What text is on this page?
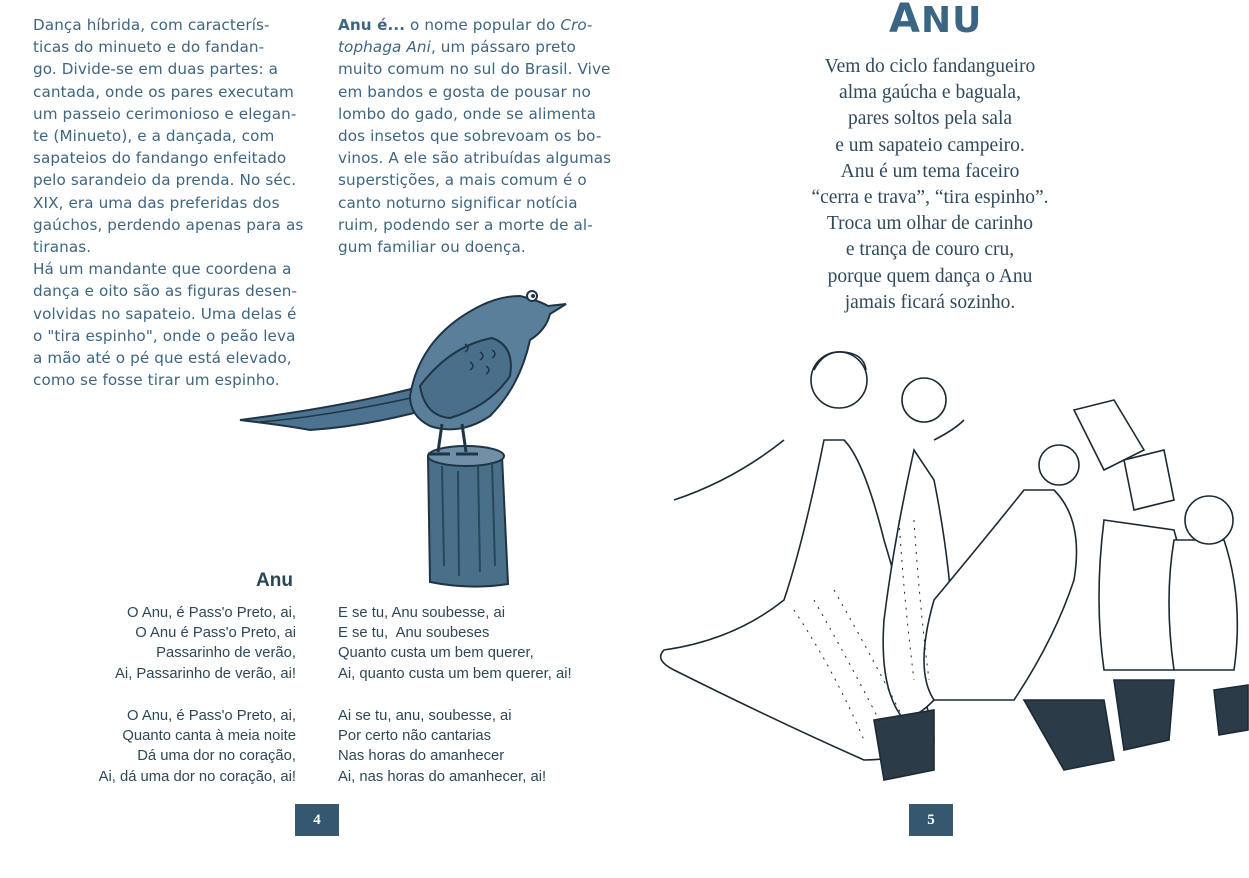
Dança híbrida, com caracterís-
ticas do minueto e do fandan-
go. Divide-se em duas partes: a
cantada, onde os pares executam
um passeio cerimonioso e elegan-
te (Minueto), e a dançada, com
sapateios do fandango enfeitado
pelo sarandeio da prenda. No séc.
XIX, era uma das preferidas dos
gaúchos, perdendo apenas para as
tiranas.
Há um mandante que coordena a
dança e oito são as figuras desen-
volvidas no sapateio. Uma delas é
o "tira espinho", onde o peão leva
a mão até o pé que está elevado,
como se fosse tirar um espinho.
Anu é... o nome popular do Cro-
tophaga Ani, um pássaro preto
muito comum no sul do Brasil. Vive
em bandos e gosta de pousar no
lombo do gado, onde se alimenta
dos insetos que sobrevoam os bo-
vinos. A ele são atribuídas algumas
superstições, a mais comum é o
canto noturno significar notícia
ruim, podendo ser a morte de al-
gum familiar ou doença.
Anu
O Anu, é Pass'o Preto, ai,
O Anu é Pass'o Preto, ai
Passarinho de verão,
Ai, Passarinho de verão, ai!
O Anu, é Pass'o Preto, ai,
Quanto canta à meia noite
Dá uma dor no coração,
Ai, dá uma dor no coração, ai!
E se tu, Anu soubesse, ai
E se tu,  Anu soubeses
Quanto custa um bem querer,
Ai, quanto custa um bem querer, ai!
Ai se tu, anu, soubesse, ai
Por certo não cantarias
Nas horas do amanhecer
Ai, nas horas do amanhecer, ai!
4
ANU
Vem do ciclo fandangueiro
alma gaúcha e baguala,
pares soltos pela sala
e um sapateio campeiro.
Anu é um tema faceiro
“cerra e trava”, “tira espinho”.
Troca um olhar de carinho
e trança de couro cru,
porque quem dança o Anu
jamais ficará sozinho.
5
